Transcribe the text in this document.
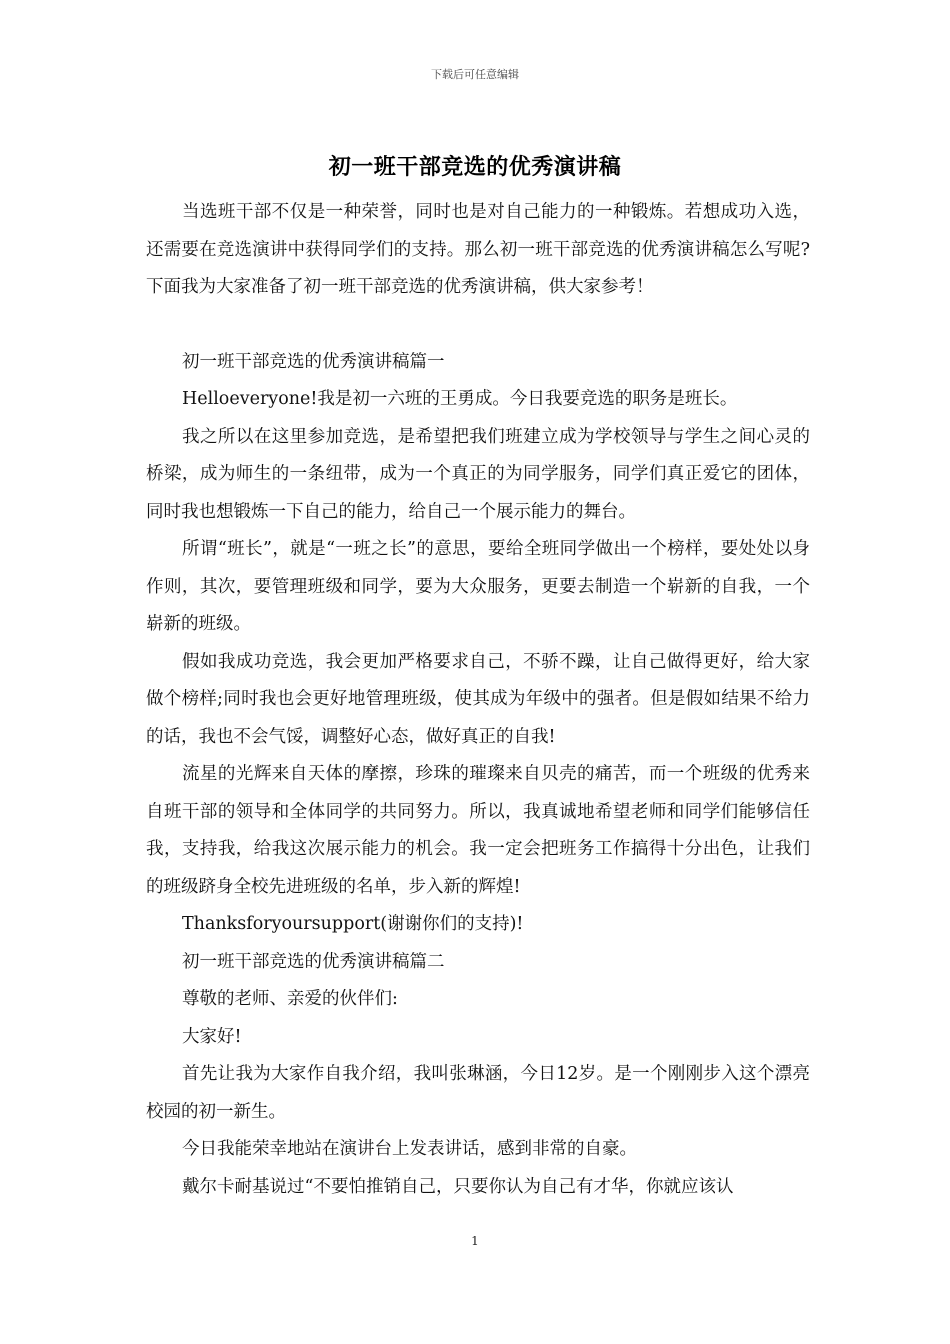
下载后可任意编辑
初一班干部竞选的优秀演讲稿

当选班干部不仅是一种荣誉，同时也是对自己能力的一种锻炼。若想成功入选，还需要在竞选演讲中获得同学们的支持。那么初一班干部竞选的优秀演讲稿怎么写呢?下面我为大家准备了初一班干部竞选的优秀演讲稿，供大家参考！

初一班干部竞选的优秀演讲稿篇一

Helloeveryone!我是初一六班的王勇成。今日我要竞选的职务是班长。

我之所以在这里参加竞选，是希望把我们班建立成为学校领导与学生之间心灵的桥梁，成为师生的一条纽带，成为一个真正的为同学服务，同学们真正爱它的团体，同时我也想锻炼一下自己的能力，给自己一个展示能力的舞台。

所谓“班长”，就是“一班之长”的意思，要给全班同学做出一个榜样，要处处以身作则，其次，要管理班级和同学，要为大众服务，更要去制造一个崭新的自我，一个崭新的班级。

假如我成功竞选，我会更加严格要求自己，不骄不躁，让自己做得更好，给大家做个榜样;同时我也会更好地管理班级，使其成为年级中的强者。但是假如结果不给力的话，我也不会气馁，调整好心态，做好真正的自我!

流星的光辉来自天体的摩擦，珍珠的璀璨来自贝壳的痛苦，而一个班级的优秀来自班干部的领导和全体同学的共同努力。所以，我真诚地希望老师和同学们能够信任我，支持我，给我这次展示能力的机会。我一定会把班务工作搞得十分出色，让我们的班级跻身全校先进班级的名单，步入新的辉煌!

Thanksforyoursupport(谢谢你们的支持)!

初一班干部竞选的优秀演讲稿篇二

尊敬的老师、亲爱的伙伴们:

大家好!

首先让我为大家作自我介绍，我叫张琳涵，今日12岁。是一个刚刚步入这个漂亮校园的初一新生。

今日我能荣幸地站在演讲台上发表讲话，感到非常的自豪。

戴尔卡耐基说过“不要怕推销自己，只要你认为自己有才华，你就应该认

1
